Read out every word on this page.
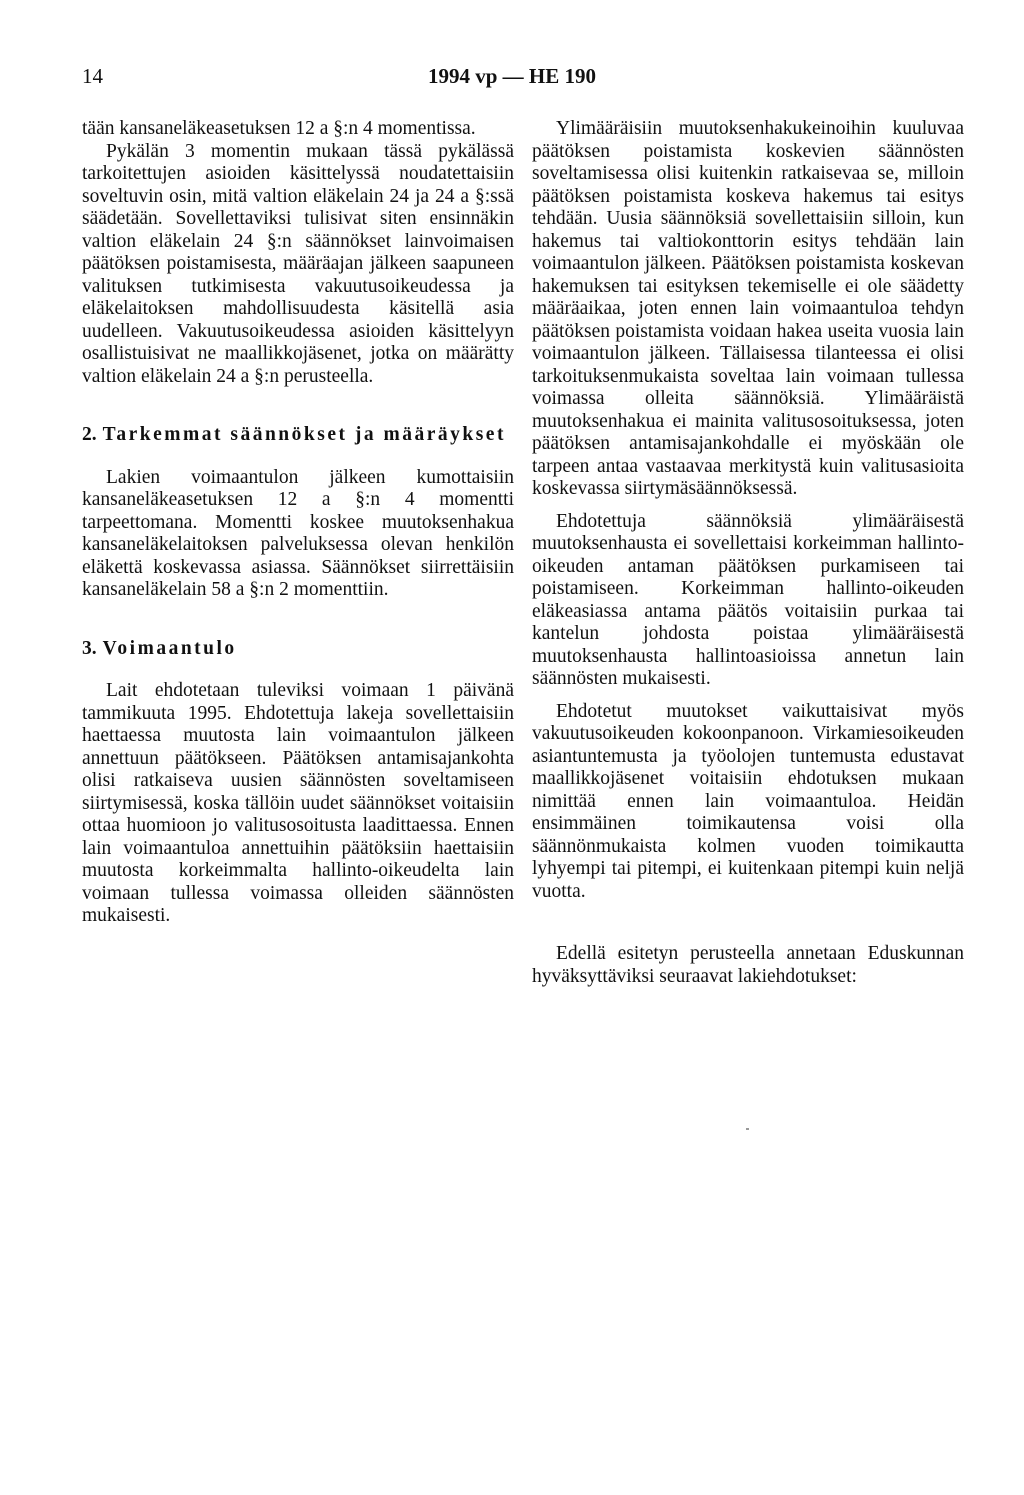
14	1994 vp — HE 190

tään kansaneläkeasetuksen 12 a §:n 4 momentissa.

Pykälän 3 momentin mukaan tässä pykälässä tarkoitettujen asioiden käsittelyssä noudatettaisiin soveltuvin osin, mitä valtion eläkelain 24 ja 24 a §:ssä säädetään. Sovellettaviksi tulisivat siten ensinnäkin valtion eläkelain 24 §:n säännökset lainvoimaisen päätöksen poistamisesta, määräajan jälkeen saapuneen valituksen tutkimisesta vakuutusoikeudessa ja eläkelaitoksen mahdollisuudesta käsitellä asia uudelleen. Vakuutusoikeudessa asioiden käsittelyyn osallistuisivat ne maallikkojäsenet, jotka on määrätty valtion eläkelain 24 a §:n perusteella.

2. Tarkemmat säännökset ja määräykset

Lakien voimaantulon jälkeen kumottaisiin kansaneläkeasetuksen 12 a §:n 4 momentti tarpeettomana. Momentti koskee muutoksenhakua kansaneläkelaitoksen palveluksessa olevan henkilön eläkettä koskevassa asiassa. Säännökset siirrettäisiin kansaneläkelain 58 a §:n 2 momenttiin.

3. Voimaantulo

Lait ehdotetaan tuleviksi voimaan 1 päivänä tammikuuta 1995. Ehdotettuja lakeja sovellettaisiin haettaessa muutosta lain voimaantulon jälkeen annettuun päätökseen. Päätöksen antamisajankohta olisi ratkaiseva uusien säännösten soveltamiseen siirtymisessä, koska tällöin uudet säännökset voitaisiin ottaa huomioon jo valitusosoitusta laadittaessa. Ennen lain voimaantuloa annettuihin päätöksiin haettaisiin muutosta korkeimmalta hallinto-oikeudelta lain voimaan tullessa voimassa olleiden säännösten mukaisesti.

Ylimääräisiin muutoksenhakukeinoihin kuuluvaa päätöksen poistamista koskevien säännösten soveltamisessa olisi kuitenkin ratkaisevaa se, milloin päätöksen poistamista koskeva hakemus tai esitys tehdään. Uusia säännöksiä sovellettaisiin silloin, kun hakemus tai valtiokonttorin esitys tehdään lain voimaantulon jälkeen. Päätöksen poistamista koskevan hakemuksen tai esityksen tekemiselle ei ole säädetty määräaikaa, joten ennen lain voimaantuloa tehdyn päätöksen poistamista voidaan hakea useita vuosia lain voimaantulon jälkeen. Tällaisessa tilanteessa ei olisi tarkoituksenmukaista soveltaa lain voimaan tullessa voimassa olleita säännöksiä. Ylimääräistä muutoksenhakua ei mainita valitusosoituksessa, joten päätöksen antamisajankohdalle ei myöskään ole tarpeen antaa vastaavaa merkitystä kuin valitusasioita koskevassa siirtymäsäännöksessä.

Ehdotettuja säännöksiä ylimääräisestä muutoksenhausta ei sovellettaisi korkeimman hallinto-oikeuden antaman päätöksen purkamiseen tai poistamiseen. Korkeimman hallinto-oikeuden eläkeasiassa antama päätös voitaisiin purkaa tai kantelun johdosta poistaa ylimääräisestä muutoksenhausta hallintoasioissa annetun lain säännösten mukaisesti.

Ehdotetut muutokset vaikuttaisivat myös vakuutusoikeuden kokoonpanoon. Virkamiesoikeuden asiantuntemusta ja työolojen tuntemusta edustavat maallikkojäsenet voitaisiin ehdotuksen mukaan nimittää ennen lain voimaantuloa. Heidän ensimmäinen toimikautensa voisi olla säännönmukaista kolmen vuoden toimikautta lyhyempi tai pitempi, ei kuitenkaan pitempi kuin neljä vuotta.

Edellä esitetyn perusteella annetaan Eduskunnan hyväksyttäviksi seuraavat lakiehdotukset:
